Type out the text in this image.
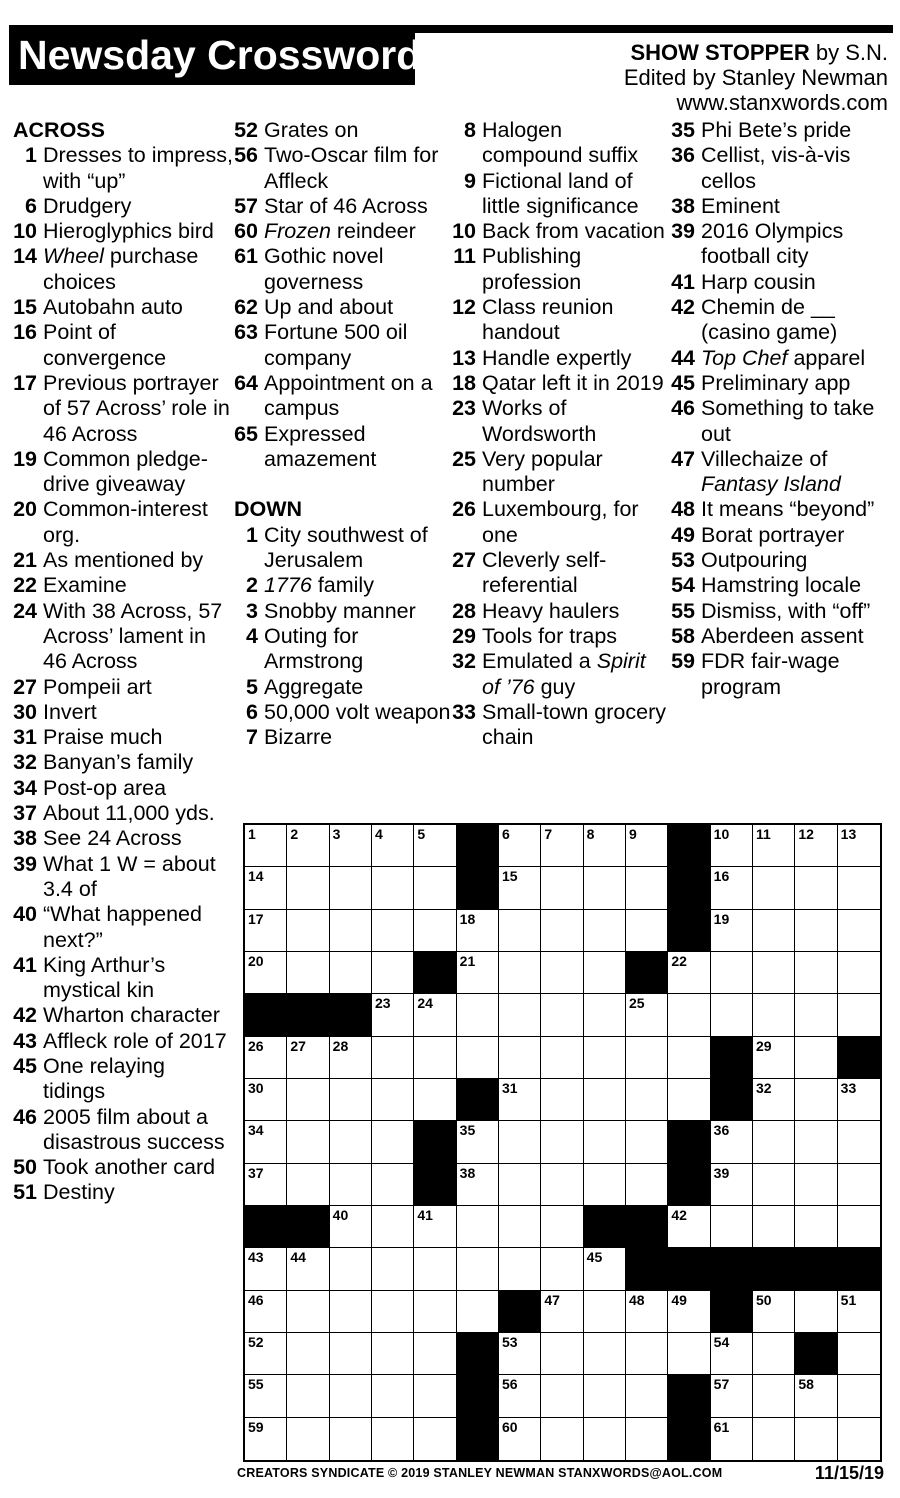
Newsday Crossword	SHOW STOPPER by S.N.
Edited by Stanley Newman
www.stanxwords.com
ACROSS
1 Dresses to impress, with “up”
6 Drudgery
10 Hieroglyphics bird
14 Wheel purchase choices
15 Autobahn auto
16 Point of convergence
17 Previous portrayer of 57 Across’ role in 46 Across
19 Common pledge-drive giveaway
20 Common-interest org.
21 As mentioned by
22 Examine
24 With 38 Across, 57 Across’ lament in 46 Across
27 Pompeii art
30 Invert
31 Praise much
32 Banyan’s family
34 Post-op area
37 About 11,000 yds.
38 See 24 Across
39 What 1 W = about 3.4 of
40 “What happened next?”
41 King Arthur’s mystical kin
42 Wharton character
43 Affleck role of 2017
45 One relaying tidings
46 2005 film about a disastrous success
50 Took another card
51 Destiny
52 Grates on
56 Two-Oscar film for Affleck
57 Star of 46 Across
60 Frozen reindeer
61 Gothic novel governess
62 Up and about
63 Fortune 500 oil company
64 Appointment on a campus
65 Expressed amazement
DOWN
1 City southwest of Jerusalem
2 1776 family
3 Snobby manner
4 Outing for Armstrong
5 Aggregate
6 50,000 volt weapon
7 Bizarre
8 Halogen compound suffix
9 Fictional land of little significance
10 Back from vacation
11 Publishing profession
12 Class reunion handout
13 Handle expertly
18 Qatar left it in 2019
23 Works of Wordsworth
25 Very popular number
26 Luxembourg, for one
27 Cleverly self-referential
28 Heavy haulers
29 Tools for traps
32 Emulated a Spirit of ’76 guy
33 Small-town grocery chain
35 Phi Bete’s pride
36 Cellist, vis-à-vis cellos
38 Eminent
39 2016 Olympics football city
41 Harp cousin
42 Chemin de __ (casino game)
44 Top Chef apparel
45 Preliminary app
46 Something to take out
47 Villechaize of Fantasy Island
48 It means “beyond”
49 Borat portrayer
53 Outpouring
54 Hamstring locale
55 Dismiss, with “off”
58 Aberdeen assent
59 FDR fair-wage program
1 2 3 4 5	6 7 8 9	10 11 12 13
14	15	16
17	18	19
20	21	22
23 24	25
26 27 28	29
30	31	32	33
34	35	36
37	38	39
40	41	42
43 44	45
46	47	48 49	50	51
52	53	54
55	56	57	58
59	60	61
CREATORS SYNDICATE © 2019 STANLEY NEWMAN STANXWORDS@AOL.COM	11/15/19
